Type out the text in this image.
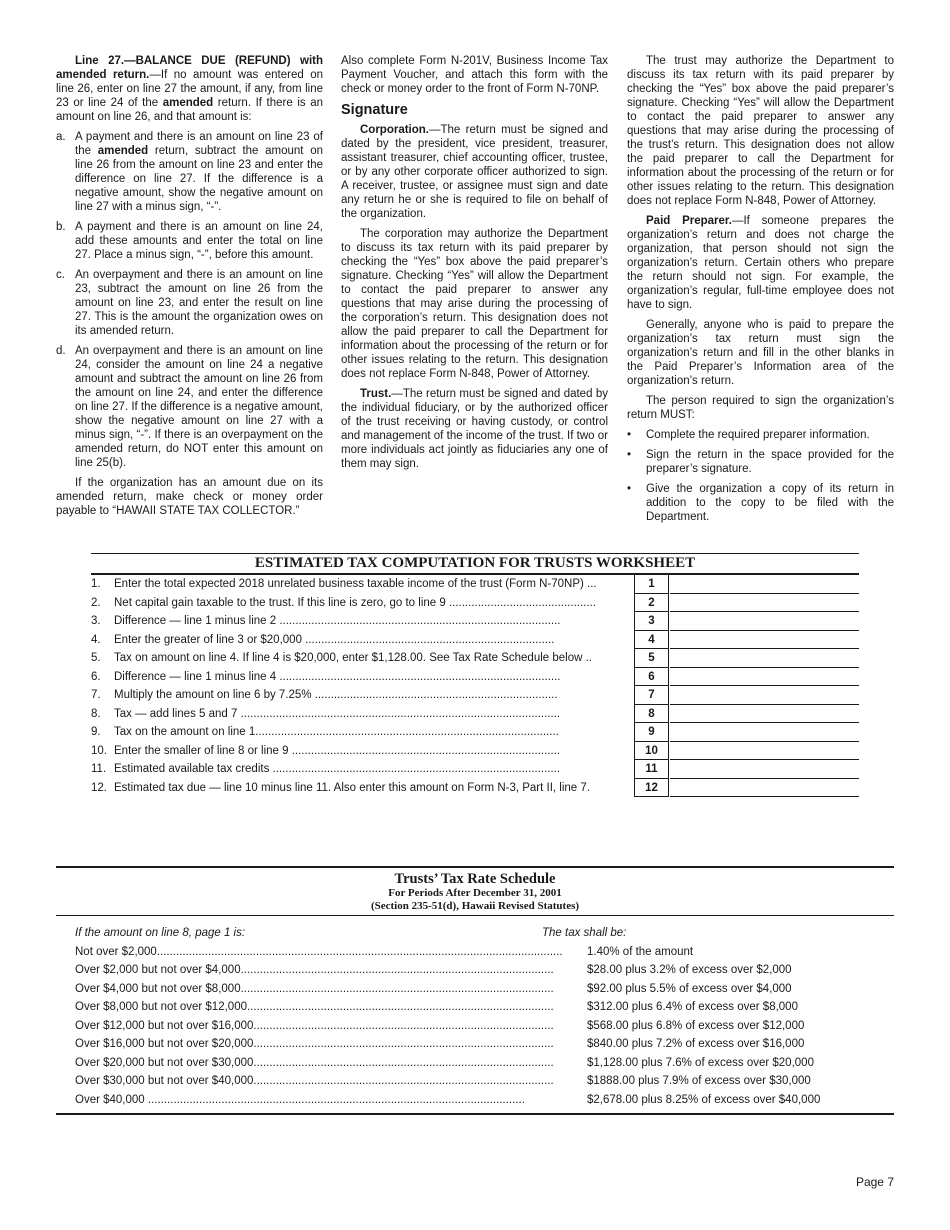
Line 27.—BALANCE DUE (REFUND) with amended return.—If no amount was entered on line 26, enter on line 27 the amount, if any, from line 23 or line 24 of the amended return. If there is an amount on line 26, and that amount is:

a. A payment and there is an amount on line 23 of the amended return, subtract the amount on line 26 from the amount on line 23 and enter the difference on line 27. If the difference is a negative amount, show the negative amount on line 27 with a minus sign, “-”.
b. A payment and there is an amount on line 24, add these amounts and enter the total on line 27. Place a minus sign, “-”, before this amount.
c. An overpayment and there is an amount on line 23, subtract the amount on line 26 from the amount on line 23, and enter the result on line 27. This is the amount the organization owes on its amended return.
d. An overpayment and there is an amount on line 24, consider the amount on line 24 a negative amount and subtract the amount on line 26 from the amount on line 24, and enter the difference on line 27. If the difference is a negative amount, show the negative amount on line 27 with a minus sign, “-”. If there is an overpayment on the amended return, do NOT enter this amount on line 25(b).

If the organization has an amount due on its amended return, make check or money order payable to “HAWAII STATE TAX COLLECTOR.”

Also complete Form N-201V, Business Income Tax Payment Voucher, and attach this form with the check or money order to the front of Form N-70NP.

Signature

Corporation.—The return must be signed and dated by the president, vice president, treasurer, assistant treasurer, chief accounting officer, trustee, or by any other corporate officer authorized to sign. A receiver, trustee, or assignee must sign and date any return he or she is required to file on behalf of the organization.

The corporation may authorize the Department to discuss its tax return with its paid preparer by checking the “Yes” box above the paid preparer’s signature. Checking “Yes” will allow the Department to contact the paid preparer to answer any questions that may arise during the processing of the corporation’s return. This designation does not allow the paid preparer to call the Department for information about the processing of the return or for other issues relating to the return. This designation does not replace Form N-848, Power of Attorney.

Trust.—The return must be signed and dated by the individual fiduciary, or by the authorized officer of the trust receiving or having custody, or control and management of the income of the trust. If two or more individuals act jointly as fiduciaries any one of them may sign.

The trust may authorize the Department to discuss its tax return with its paid preparer by checking the “Yes” box above the paid preparer’s signature. Checking “Yes” will allow the Department to contact the paid preparer to answer any questions that may arise during the processing of the trust’s return. This designation does not allow the paid preparer to call the Department for information about the processing of the return or for other issues relating to the return. This designation does not replace Form N-848, Power of Attorney.

Paid Preparer.—If someone prepares the organization’s return and does not charge the organization, that person should not sign the organization’s return. Certain others who prepare the return should not sign. For example, the organization’s regular, full-time employee does not have to sign.

Generally, anyone who is paid to prepare the organization’s tax return must sign the organization’s return and fill in the other blanks in the Paid Preparer’s Information area of the organization’s return.

The person required to sign the organization’s return MUST:

• Complete the required preparer information.
• Sign the return in the space provided for the preparer’s signature.
• Give the organization a copy of its return in addition to the copy to be filed with the Department.
ESTIMATED TAX COMPUTATION FOR TRUSTS WORKSHEET
1.	Enter the total expected 2018 unrelated business taxable income of the trust (Form N-70NP) ...	1
2.	Net capital gain taxable to the trust. If this line is zero, go to line 9 ..............................................	2
3.	Difference — line 1 minus line 2 ........................................................................................	3
4.	Enter the greater of line 3 or $20,000 ..............................................................................	4
5.	Tax on amount on line 4. If line 4 is $20,000, enter $1,128.00. See Tax Rate Schedule below ..	5
6.	Difference — line 1 minus line 4 ........................................................................................	6
7.	Multiply the amount on line 6 by 7.25% ............................................................................	7
8.	Tax — add lines 5 and 7 ....................................................................................................	8
9.	Tax on the amount on line 1...............................................................................................	9
10. Enter the smaller of line 8 or line 9 ....................................................................................	10
11. Estimated available tax credits ..........................................................................................	11
12. Estimated tax due — line 10 minus line 11. Also enter this amount on Form N-3, Part II, line 7.	12
Trusts’ Tax Rate Schedule
For Periods After December 31, 2001
(Section 235-51(d), Hawaii Revised Statutes)
If the amount on line 8, page 1 is:	The tax shall be:
Not over $2,000...............................................................................................................................	1.40% of the amount
Over $2,000 but not over $4,000..................................................................................................	$28.00 plus 3.2% of excess over $2,000
Over $4,000 but not over $8,000..................................................................................................	$92.00 plus 5.5% of excess over $4,000
Over $8,000 but not over $12,000................................................................................................	$312.00 plus 6.4% of excess over $8,000
Over $12,000 but not over $16,000..............................................................................................	$568.00 plus 6.8% of excess over $12,000
Over $16,000 but not over $20,000..............................................................................................	$840.00 plus 7.2% of excess over $16,000
Over $20,000 but not over $30,000..............................................................................................	$1,128.00 plus 7.6% of excess over $20,000
Over $30,000 but not over $40,000..............................................................................................	$1888.00 plus 7.9% of excess over $30,000
Over $40,000 ......................................................................................................................	$2,678.00 plus 8.25% of excess over $40,000
Page 7
